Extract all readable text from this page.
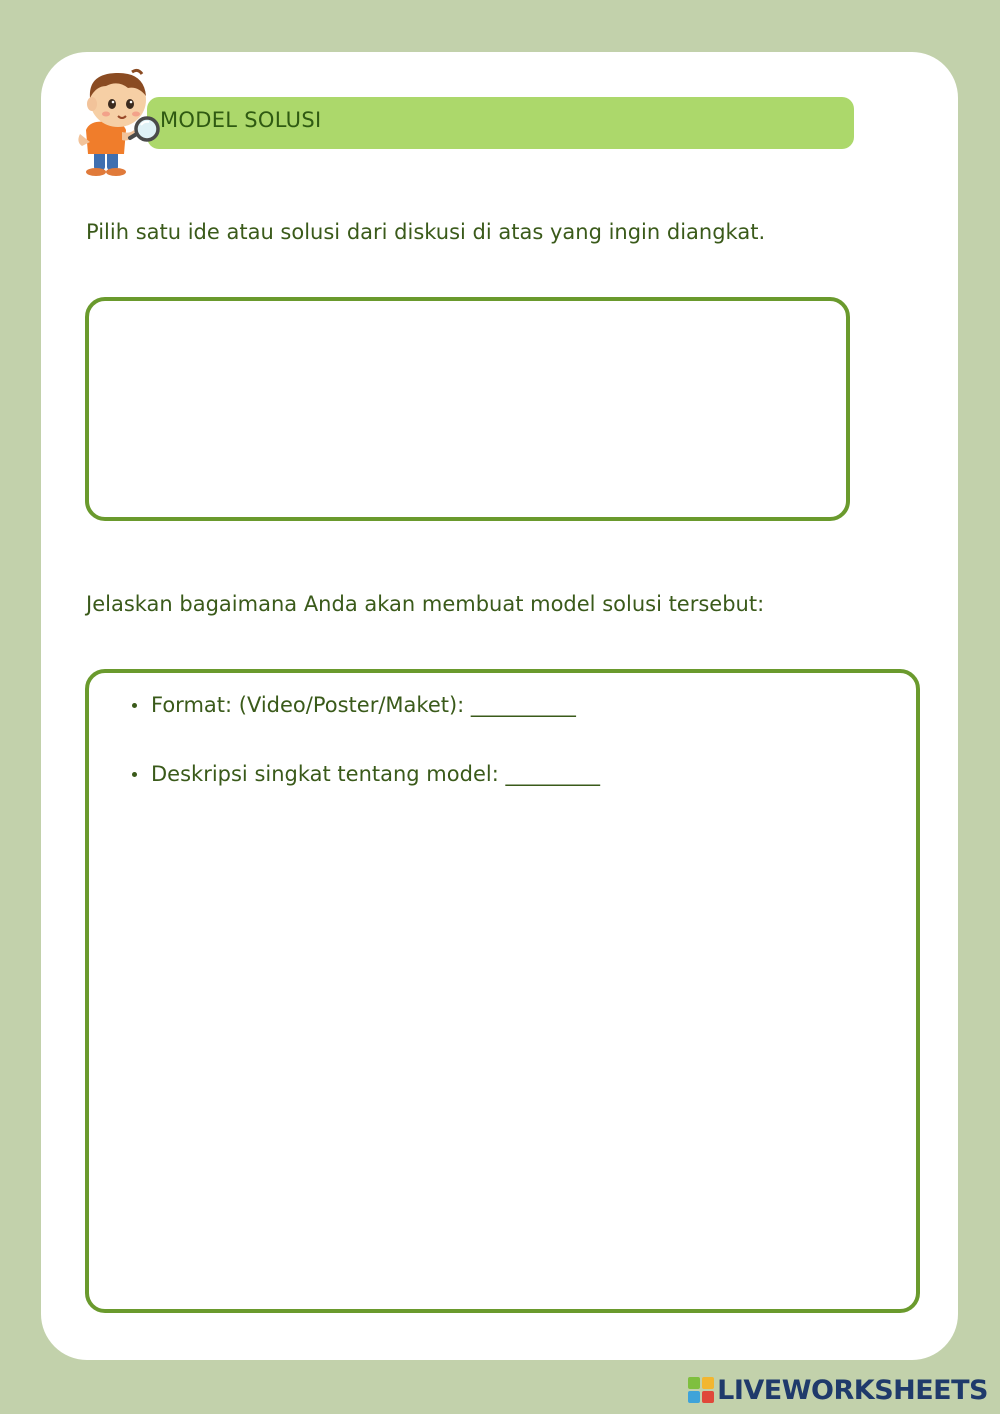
MODEL SOLUSI
Pilih satu ide atau solusi dari diskusi di atas yang ingin diangkat.
Jelaskan bagaimana Anda akan membuat model solusi tersebut:
Format: (Video/Poster/Maket): __________
Deskripsi singkat tentang model: _________
LIVEWORKSHEETS
